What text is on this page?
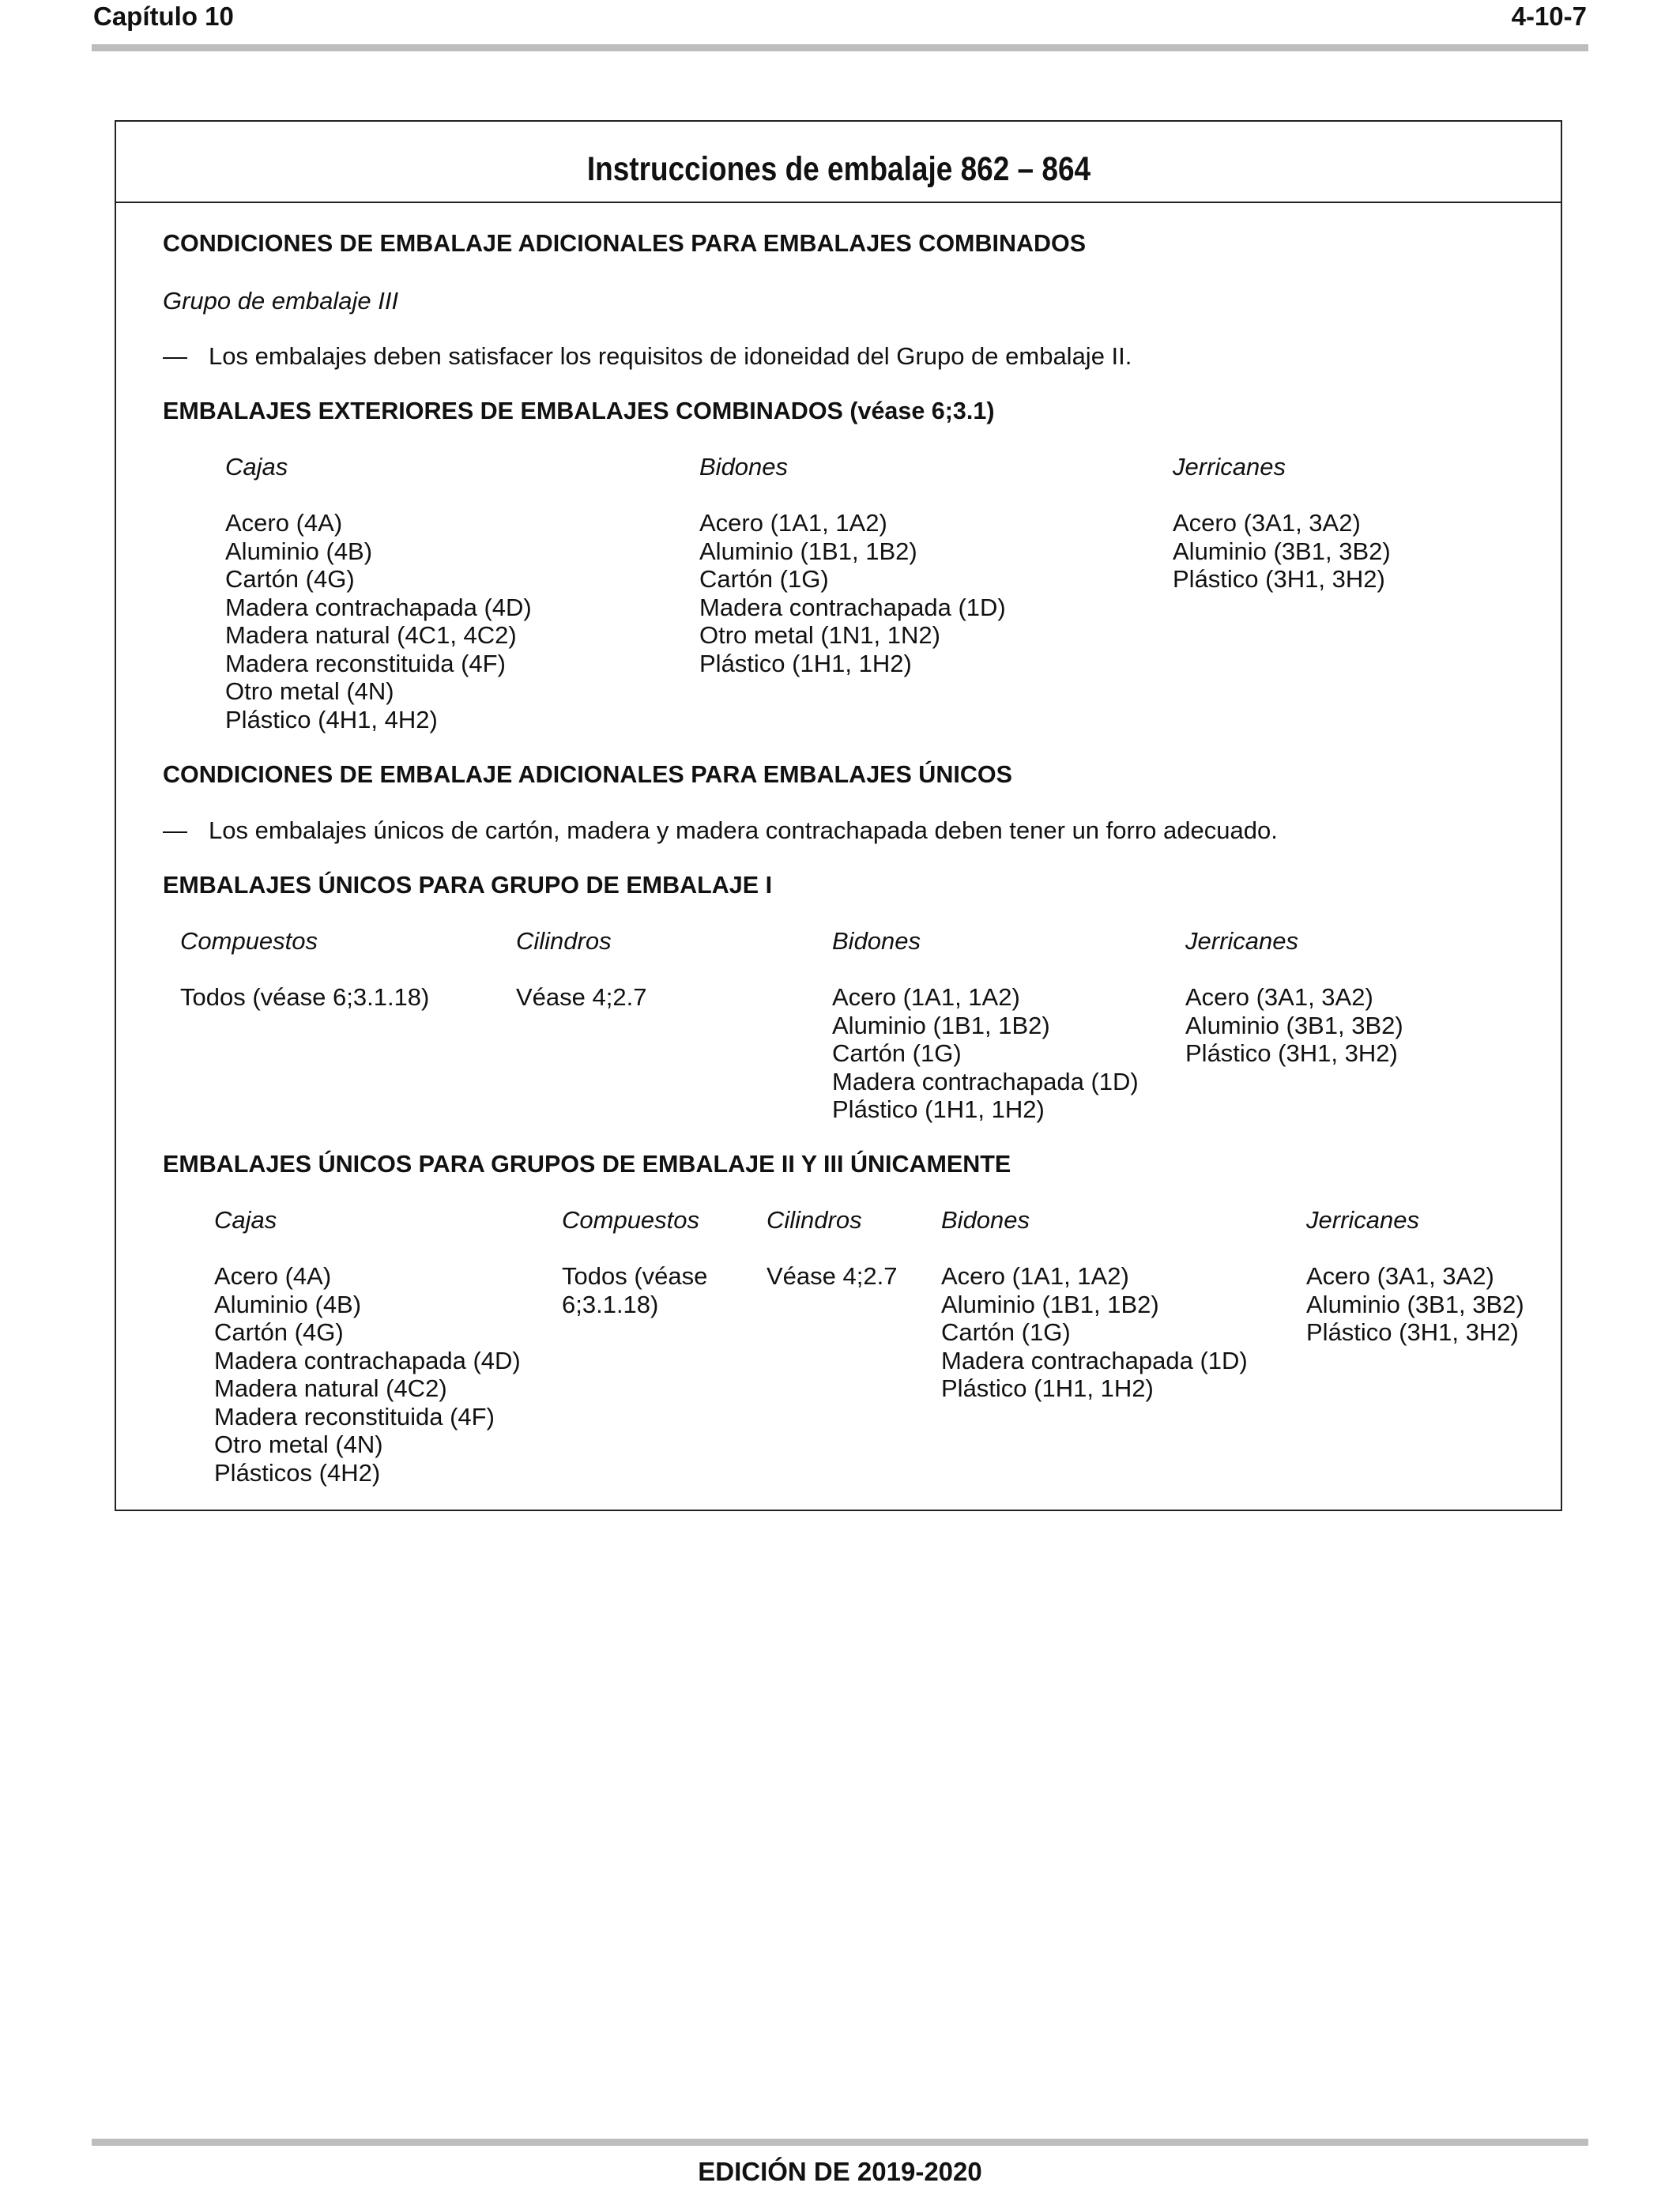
Capítulo 10	4-10-7
Instrucciones de embalaje 862 – 864
CONDICIONES DE EMBALAJE ADICIONALES PARA EMBALAJES COMBINADOS
Grupo de embalaje III
— Los embalajes deben satisfacer los requisitos de idoneidad del Grupo de embalaje II.
EMBALAJES EXTERIORES DE EMBALAJES COMBINADOS (véase 6;3.1)
Cajas

Acero (4A)
Aluminio (4B)
Cartón (4G)
Madera contrachapada (4D)
Madera natural (4C1, 4C2)
Madera reconstituida (4F)
Otro metal (4N)
Plástico (4H1, 4H2)
Bidones

Acero (1A1, 1A2)
Aluminio (1B1, 1B2)
Cartón (1G)
Madera contrachapada (1D)
Otro metal (1N1, 1N2)
Plástico (1H1, 1H2)
Jerricanes

Acero (3A1, 3A2)
Aluminio (3B1, 3B2)
Plástico (3H1, 3H2)
CONDICIONES DE EMBALAJE ADICIONALES PARA EMBALAJES ÚNICOS
— Los embalajes únicos de cartón, madera y madera contrachapada deben tener un forro adecuado.
EMBALAJES ÚNICOS PARA GRUPO DE EMBALAJE I
Compuestos

Todos (véase 6;3.1.18)
Cilindros

Véase 4;2.7
Bidones

Acero (1A1, 1A2)
Aluminio (1B1, 1B2)
Cartón (1G)
Madera contrachapada (1D)
Plástico (1H1, 1H2)
Jerricanes

Acero (3A1, 3A2)
Aluminio (3B1, 3B2)
Plástico (3H1, 3H2)
EMBALAJES ÚNICOS PARA GRUPOS DE EMBALAJE II Y III ÚNICAMENTE
Cajas

Acero (4A)
Aluminio (4B)
Cartón (4G)
Madera contrachapada (4D)
Madera natural (4C2)
Madera reconstituida (4F)
Otro metal (4N)
Plásticos (4H2)
Compuestos

Todos (véase
6;3.1.18)
Cilindros

Véase 4;2.7
Bidones

Acero (1A1, 1A2)
Aluminio (1B1, 1B2)
Cartón (1G)
Madera contrachapada (1D)
Plástico (1H1, 1H2)
Jerricanes

Acero (3A1, 3A2)
Aluminio (3B1, 3B2)
Plástico (3H1, 3H2)
EDICIÓN DE 2019-2020
